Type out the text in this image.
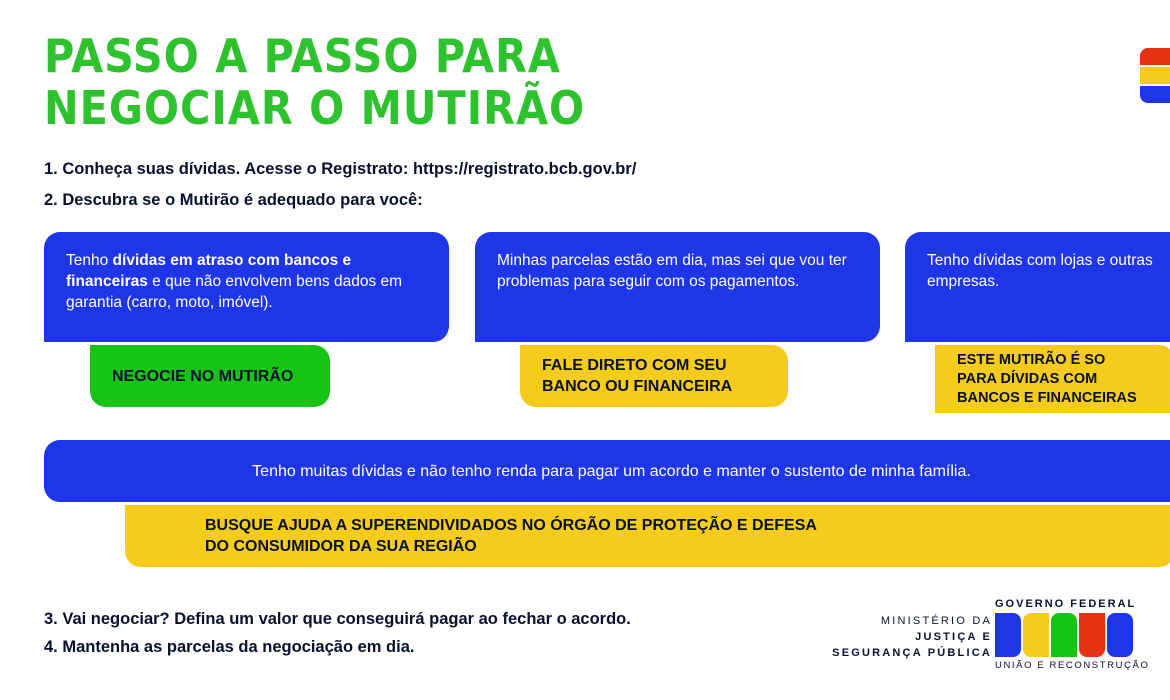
PASSO A PASSO PARA
NEGOCIAR O MUTIRÃO
1. Conheça suas dívidas. Acesse o Registrato: https://registrato.bcb.gov.br/
2. Descubra se o Mutirão é adequado para você:
Tenho dívidas em atraso com bancos e financeiras e que não envolvem bens dados em garantia (carro, moto, imóvel).
NEGOCIE NO MUTIRÃO
Minhas parcelas estão em dia, mas sei que vou ter problemas para seguir com os pagamentos.
FALE DIRETO COM SEU
BANCO OU FINANCEIRA
Tenho dívidas com lojas e outras empresas.
ESTE MUTIRÃO É SO
PARA DÍVIDAS COM
BANCOS E FINANCEIRAS
Tenho muitas dívidas e não tenho renda para pagar um acordo e manter o sustento de minha família.
BUSQUE AJUDA A SUPERENDIVIDADOS NO ÓRGÃO DE PROTEÇÃO E DEFESA
DO CONSUMIDOR DA SUA REGIÃO
3. Vai negociar? Defina um valor que conseguirá pagar ao fechar o acordo.
4. Mantenha as parcelas da negociação em dia.
MINISTÉRIO DA
JUSTIÇA E
SEGURANÇA PÚBLICA
GOVERNO FEDERAL
UNIÃO E RECONSTRUÇÃO
